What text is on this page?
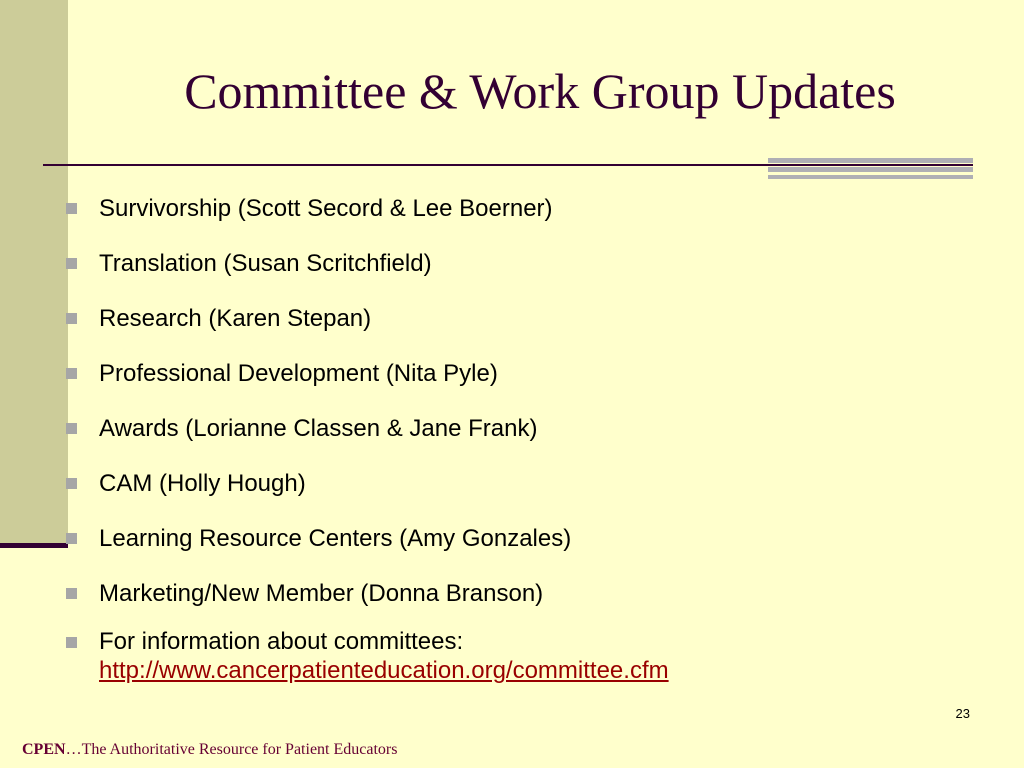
Committee & Work Group Updates
Survivorship (Scott Secord & Lee Boerner)
Translation (Susan Scritchfield)
Research (Karen Stepan)
Professional Development (Nita Pyle)
Awards (Lorianne Classen & Jane Frank)
CAM (Holly Hough)
Learning Resource Centers (Amy Gonzales)
Marketing/New Member (Donna Branson)
For information about committees:
http://www.cancerpatienteducation.org/committee.cfm
23
CPEN…The Authoritative Resource for Patient Educators
